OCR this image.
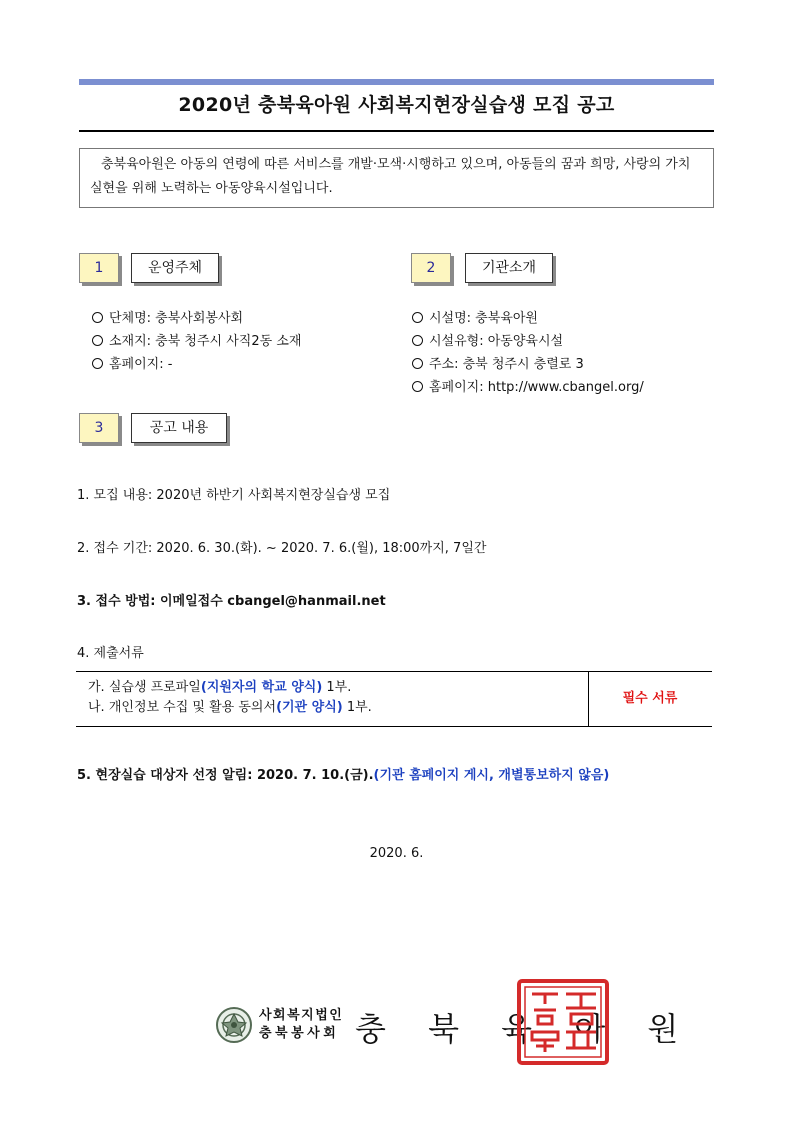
2020년 충북육아원 사회복지현장실습생 모집 공고

충북육아원은 아동의 연령에 따른 서비스를 개발·모색·시행하고 있으며, 아동들의 꿈과 희망, 사랑의 가치 실현을 위해 노력하는 아동양육시설입니다.

1	운영주체
단체명: 충북사회봉사회
소재지: 충북 청주시 사직2동 소재
홈페이지: -
2	기관소개
시설명: 충북육아원
시설유형: 아동양육시설
주소: 충북 청주시 충렬로 3
홈페이지: http://www.cbangel.org/
3	공고 내용
1. 모집 내용: 2020년 하반기 사회복지현장실습생 모집
2. 접수 기간: 2020. 6. 30.(화). ~ 2020. 7. 6.(월), 18:00까지, 7일간
3. 접수 방법: 이메일접수 cbangel@hanmail.net
4. 제출서류
가. 실습생 프로파일(지원자의 학교 양식) 1부.
나. 개인정보 수집 및 활용 동의서(기관 양식) 1부.
필수 서류
5. 현장실습 대상자 선정 알림: 2020. 7. 10.(금).(기관 홈페이지 게시, 개별통보하지 않음)
2020. 6.
사회복지법인
충북봉사회 충 북 육 아 원
